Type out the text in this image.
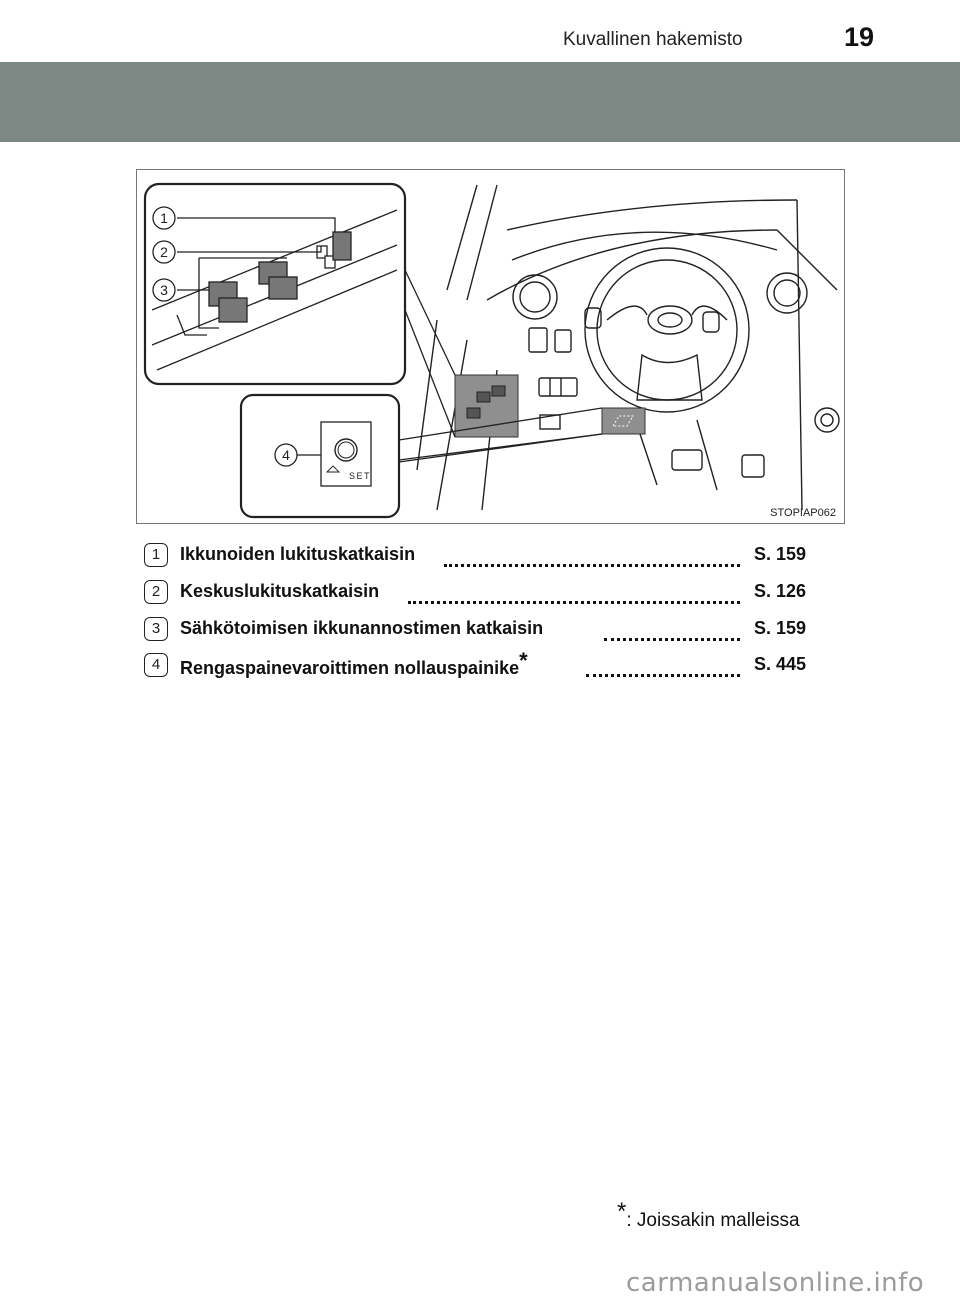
Kuvallinen hakemisto	19
1
2
3
4
SET
STOPIAP062
1	Ikkunoiden lukituskatkaisin	S. 159
2	Keskuslukituskatkaisin	S. 126
3	Sähkötoimisen ikkunannostimen katkaisin	S. 159
4	Rengaspainevaroittimen nollauspainike*	S. 445
*: Joissakin malleissa
carmanualsonline.info
